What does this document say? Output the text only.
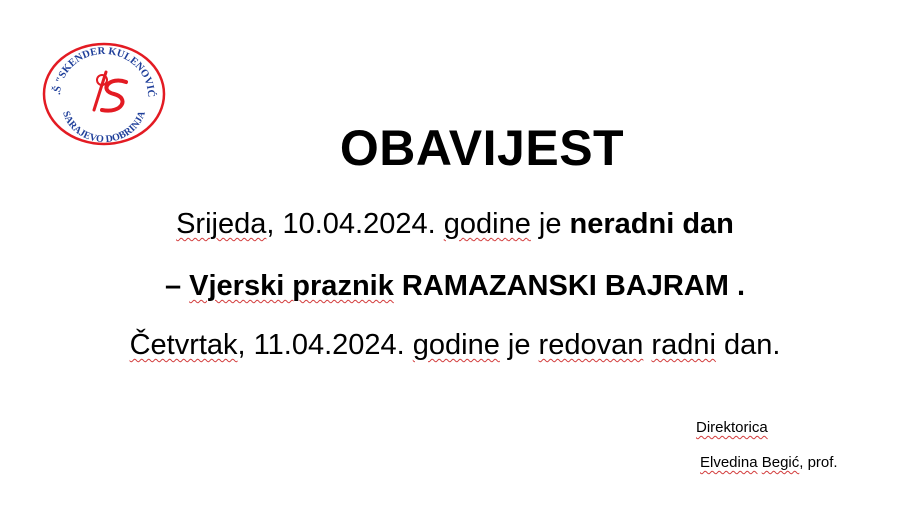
.Š "SKENDER KULENOVIĆ
SARAJEVO DOBRINJA
OBAVIJEST
Srijeda, 10.04.2024. godine je neradni dan
– Vjerski praznik RAMAZANSKI BAJRAM .
Četvrtak, 11.04.2024. godine je redovan radni dan.
Direktorica
Elvedina Begić, prof.
